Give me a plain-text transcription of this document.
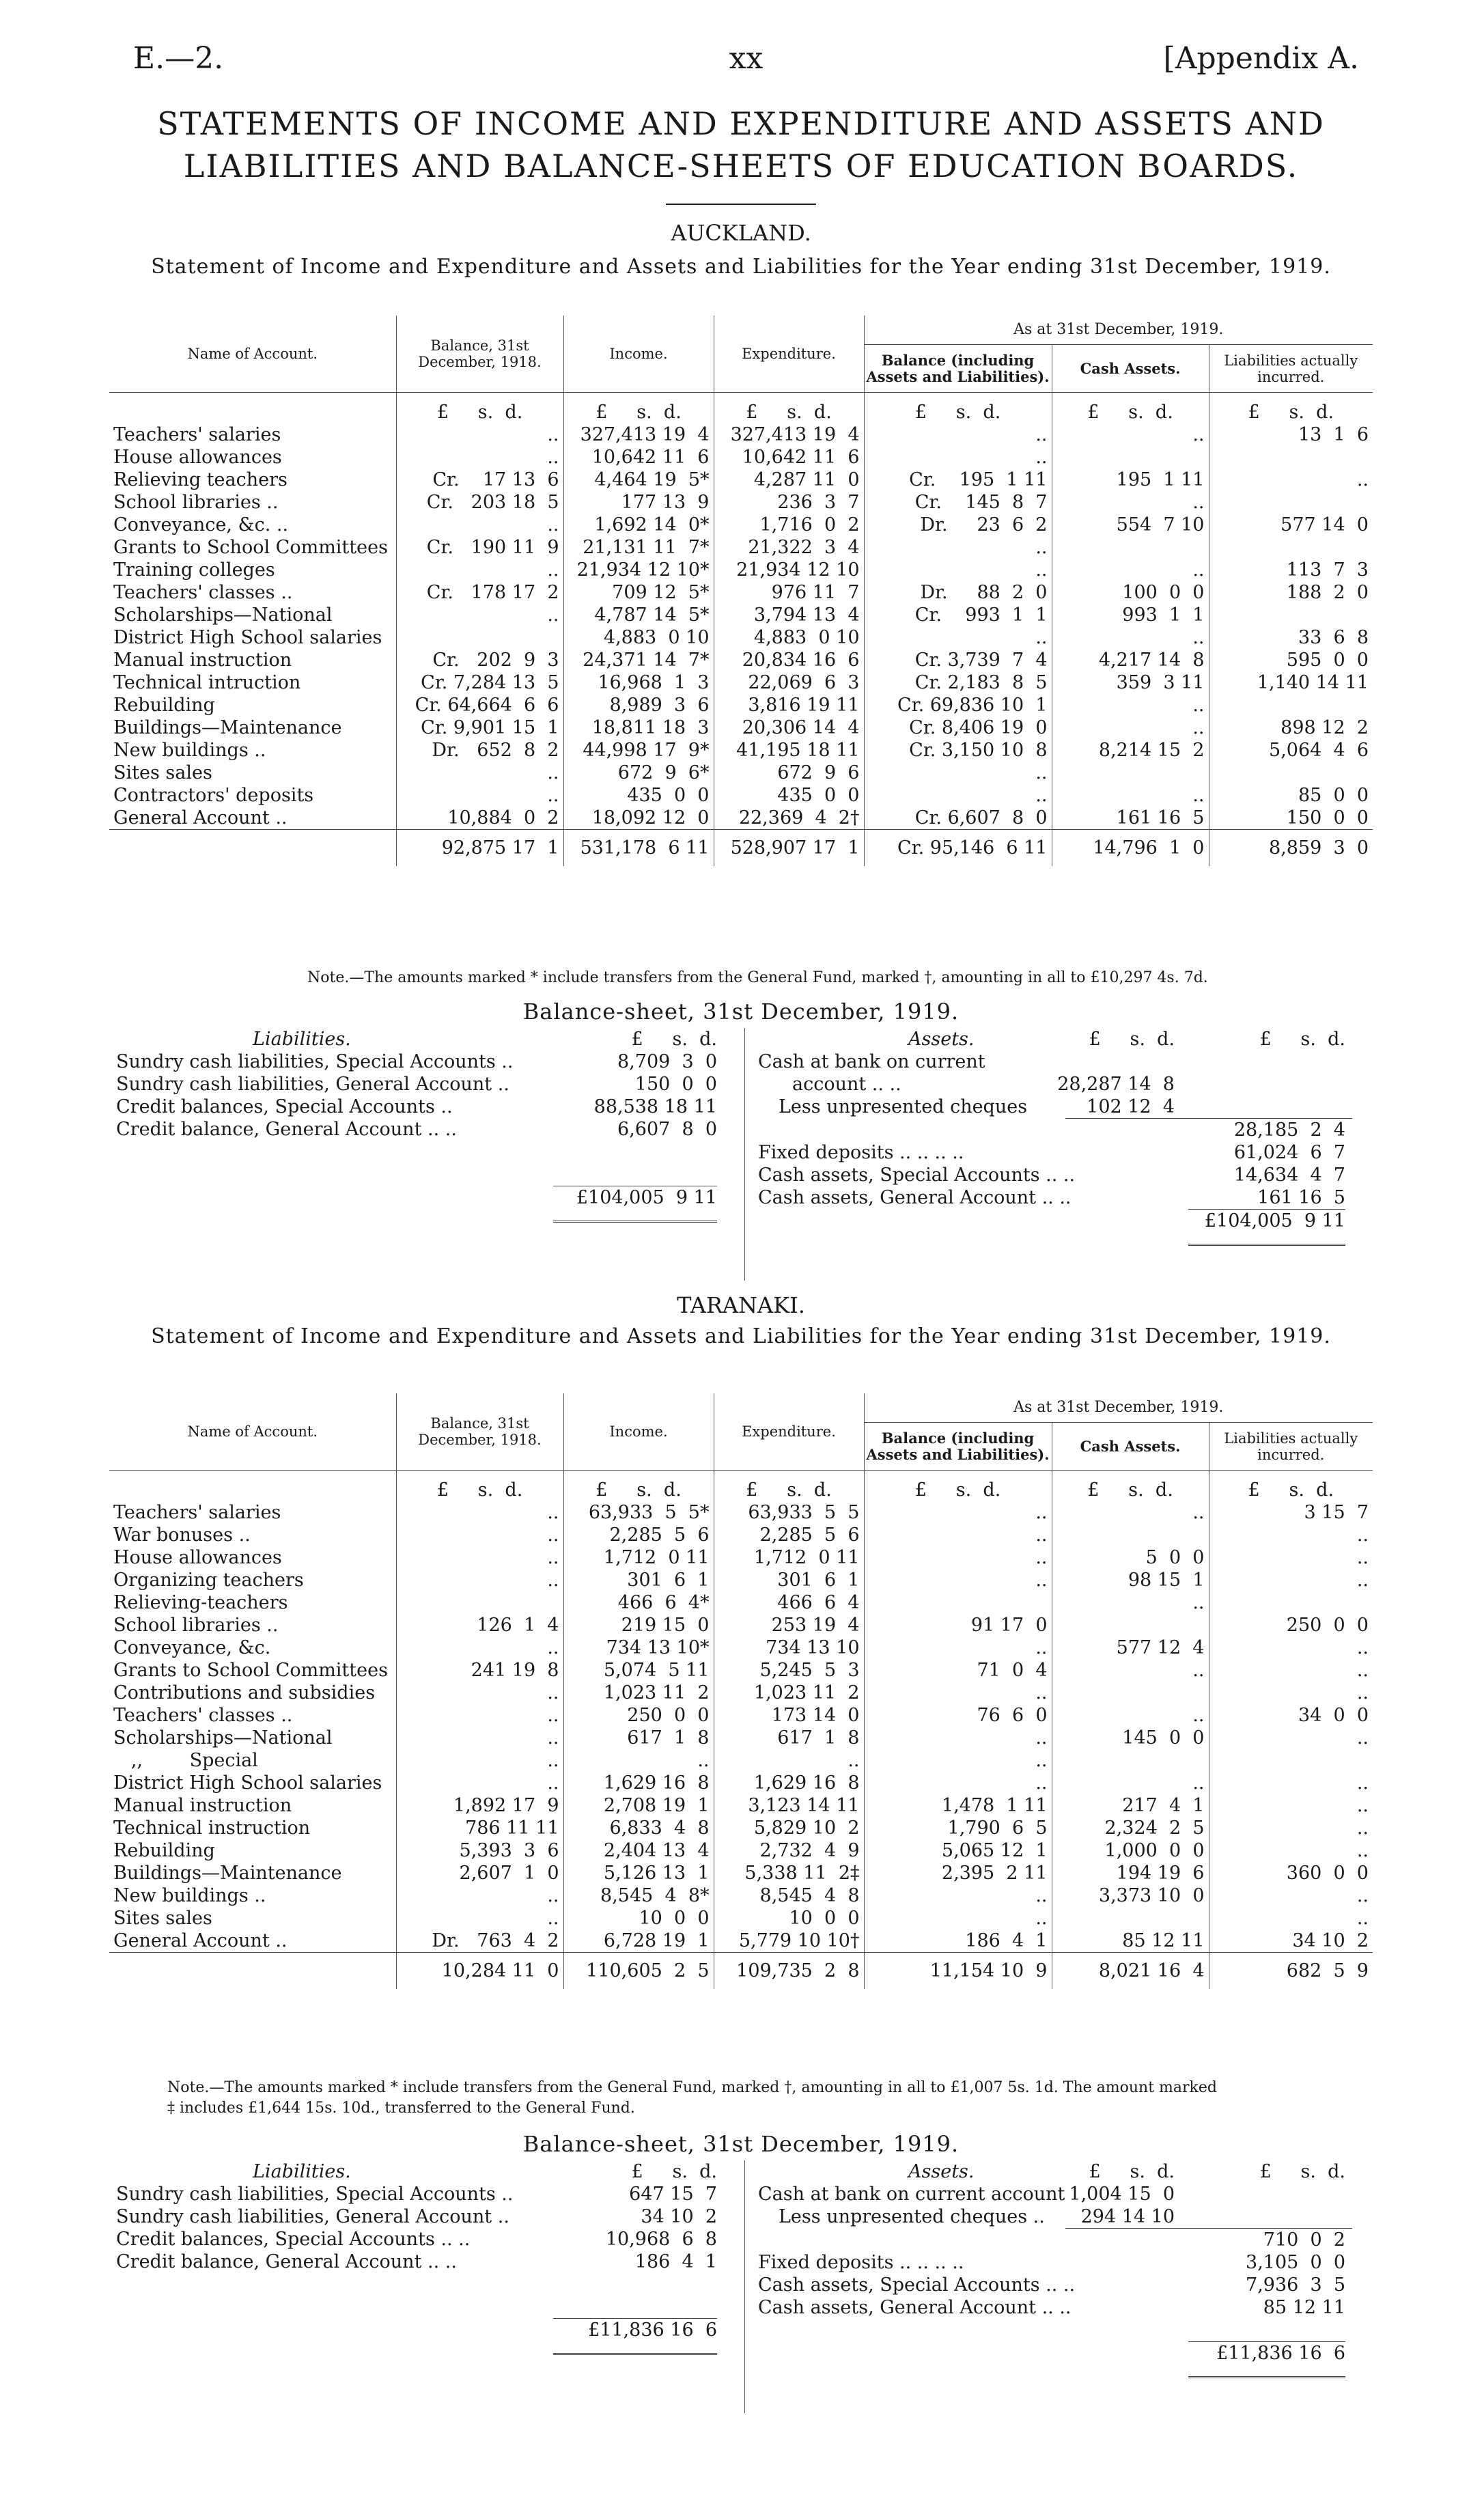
E.—2.	xx	[Appendix A.
STATEMENTS OF INCOME AND EXPENDITURE AND ASSETS AND
LIABILITIES AND BALANCE-SHEETS OF EDUCATION BOARDS.
AUCKLAND.
Statement of Income and Expenditure and Assets and Liabilities for the Year ending 31st December, 1919.
Name of Account.	Balance, 31st December, 1918.	Income.	Expenditure.	As at 31st December, 1919.		
				Balance (including Assets and Liabilities).	Cash Assets.	Liabilities actually incurred.
	£     s.  d.	£     s.  d.	£     s.  d.	£     s.  d.	£     s.  d.	£     s.  d.
Teachers' salaries	..	327,413 19  4	327,413 19  4	..	..	13  1  6
House allowances	..	10,642 11  6	10,642 11  6	..		
Relieving teachers	Cr.    17 13  6	4,464 19  5*	4,287 11  0	Cr.    195  1 11	195  1 11	..
School libraries ..	Cr.   203 18  5	177 13  9	236  3  7	Cr.    145  8  7	..	
Conveyance, &c. ..	..	1,692 14  0*	1,716  0  2	Dr.     23  6  2	554  7 10	577 14  0
Grants to School Committees	Cr.   190 11  9	21,131 11  7*	21,322  3  4	..		
Training colleges	..	21,934 12 10*	21,934 12 10	..	..	113  7  3
Teachers' classes ..	Cr.   178 17  2	709 12  5*	976 11  7	Dr.     88  2  0	100  0  0	188  2  0
Scholarships—National	..	4,787 14  5*	3,794 13  4	Cr.    993  1  1	993  1  1	
District High School salaries		4,883  0 10	4,883  0 10	..	..	33  6  8
Manual instruction	Cr.   202  9  3	24,371 14  7*	20,834 16  6	Cr. 3,739  7  4	4,217 14  8	595  0  0
Technical intruction	Cr. 7,284 13  5	16,968  1  3	22,069  6  3	Cr. 2,183  8  5	359  3 11	1,140 14 11
Rebuilding	Cr. 64,664  6  6	8,989  3  6	3,816 19 11	Cr. 69,836 10  1	..	
Buildings—Maintenance	Cr. 9,901 15  1	18,811 18  3	20,306 14  4	Cr. 8,406 19  0	..	898 12  2
New buildings ..	Dr.   652  8  2	44,998 17  9*	41,195 18 11	Cr. 3,150 10  8	8,214 15  2	5,064  4  6
Sites sales	..	672  9  6*	672  9  6	..		
Contractors' deposits	..	435  0  0	435  0  0	..	..	85  0  0
General Account ..	10,884  0  2	18,092 12  0	22,369  4  2†	Cr. 6,607  8  0	161 16  5	150  0  0
	92,875 17  1	531,178  6 11	528,907 17  1	Cr. 95,146  6 11	14,796  1  0	8,859  3  0
Note.—The amounts marked * include transfers from the General Fund, marked †, amounting in all to £10,297 4s. 7d.
Balance-sheet, 31st December, 1919.
Liabilities.	£     s.  d.
Sundry cash liabilities, Special Accounts ..	8,709  3  0
Sundry cash liabilities, General Account ..	150  0  0
Credit balances, Special Accounts ..	88,538 18 11
Credit balance, General Account .. ..	6,607  8  0
£104,005  9 11
Assets.	£     s.  d.	£     s.  d.
Cash at bank on current
account .. ..	28,287 14  8
Less unpresented cheques	102 12  4
28,185  2  4
Fixed deposits .. .. .. ..	61,024  6  7
Cash assets, Special Accounts .. ..	14,634  4  7
Cash assets, General Account .. ..	161 16  5
£104,005  9 11
TARANAKI.
Statement of Income and Expenditure and Assets and Liabilities for the Year ending 31st December, 1919.
Name of Account.	Balance, 31st December, 1918.	Income.	Expenditure.	As at 31st December, 1919.		
				Balance (including Assets and Liabilities).	Cash Assets.	Liabilities actually incurred.
	£     s.  d.	£     s.  d.	£     s.  d.	£     s.  d.	£     s.  d.	£     s.  d.
Teachers' salaries	..	63,933  5  5*	63,933  5  5	..	..	3 15  7
War bonuses ..	..	2,285  5  6	2,285  5  6	..		..
House allowances	..	1,712  0 11	1,712  0 11	..	5  0  0	..
Organizing teachers	..	301  6  1	301  6  1	..	98 15  1	..
Relieving-teachers		466  6  4*	466  6  4		..	
School libraries ..	126  1  4	219 15  0	253 19  4	91 17  0		250  0  0
Conveyance, &c.	..	734 13 10*	734 13 10	..	577 12  4	..
Grants to School Committees	241 19  8	5,074  5 11	5,245  5  3	71  0  4	..	..
Contributions and subsidies	..	1,023 11  2	1,023 11  2	..		..
Teachers' classes ..	..	250  0  0	173 14  0	76  6  0	..	34  0  0
Scholarships—National	..	617  1  8	617  1  8	..	145  0  0	..
,,        Special	..	..	..	..		
District High School salaries	..	1,629 16  8	1,629 16  8	..	..	..
Manual instruction	1,892 17  9	2,708 19  1	3,123 14 11	1,478  1 11	217  4  1	..
Technical instruction	786 11 11	6,833  4  8	5,829 10  2	1,790  6  5	2,324  2  5	..
Rebuilding	5,393  3  6	2,404 13  4	2,732  4  9	5,065 12  1	1,000  0  0	..
Buildings—Maintenance	2,607  1  0	5,126 13  1	5,338 11  2‡	2,395  2 11	194 19  6	360  0  0
New buildings ..	..	8,545  4  8*	8,545  4  8	..	3,373 10  0	..
Sites sales	..	10  0  0	10  0  0	..		..
General Account ..	Dr.   763  4  2	6,728 19  1	5,779 10 10†	186  4  1	85 12 11	34 10  2
	10,284 11  0	110,605  2  5	109,735  2  8	11,154 10  9	8,021 16  4	682  5  9
Note.—The amounts marked * include transfers from the General Fund, marked †, amounting in all to £1,007 5s. 1d. The amount marked
‡ includes £1,644 15s. 10d., transferred to the General Fund.
Balance-sheet, 31st December, 1919.
Liabilities.	£     s.  d.
Sundry cash liabilities, Special Accounts ..	647 15  7
Sundry cash liabilities, General Account ..	34 10  2
Credit balances, Special Accounts .. ..	10,968  6  8
Credit balance, General Account .. ..	186  4  1
£11,836 16  6
Assets.	£     s.  d.	£     s.  d.
Cash at bank on current account 1,004 15  0
Less unpresented cheques ..	294 14 10
710  0  2
Fixed deposits .. .. .. ..	3,105  0  0
Cash assets, Special Accounts .. ..	7,936  3  5
Cash assets, General Account .. ..	85 12 11
£11,836 16  6
